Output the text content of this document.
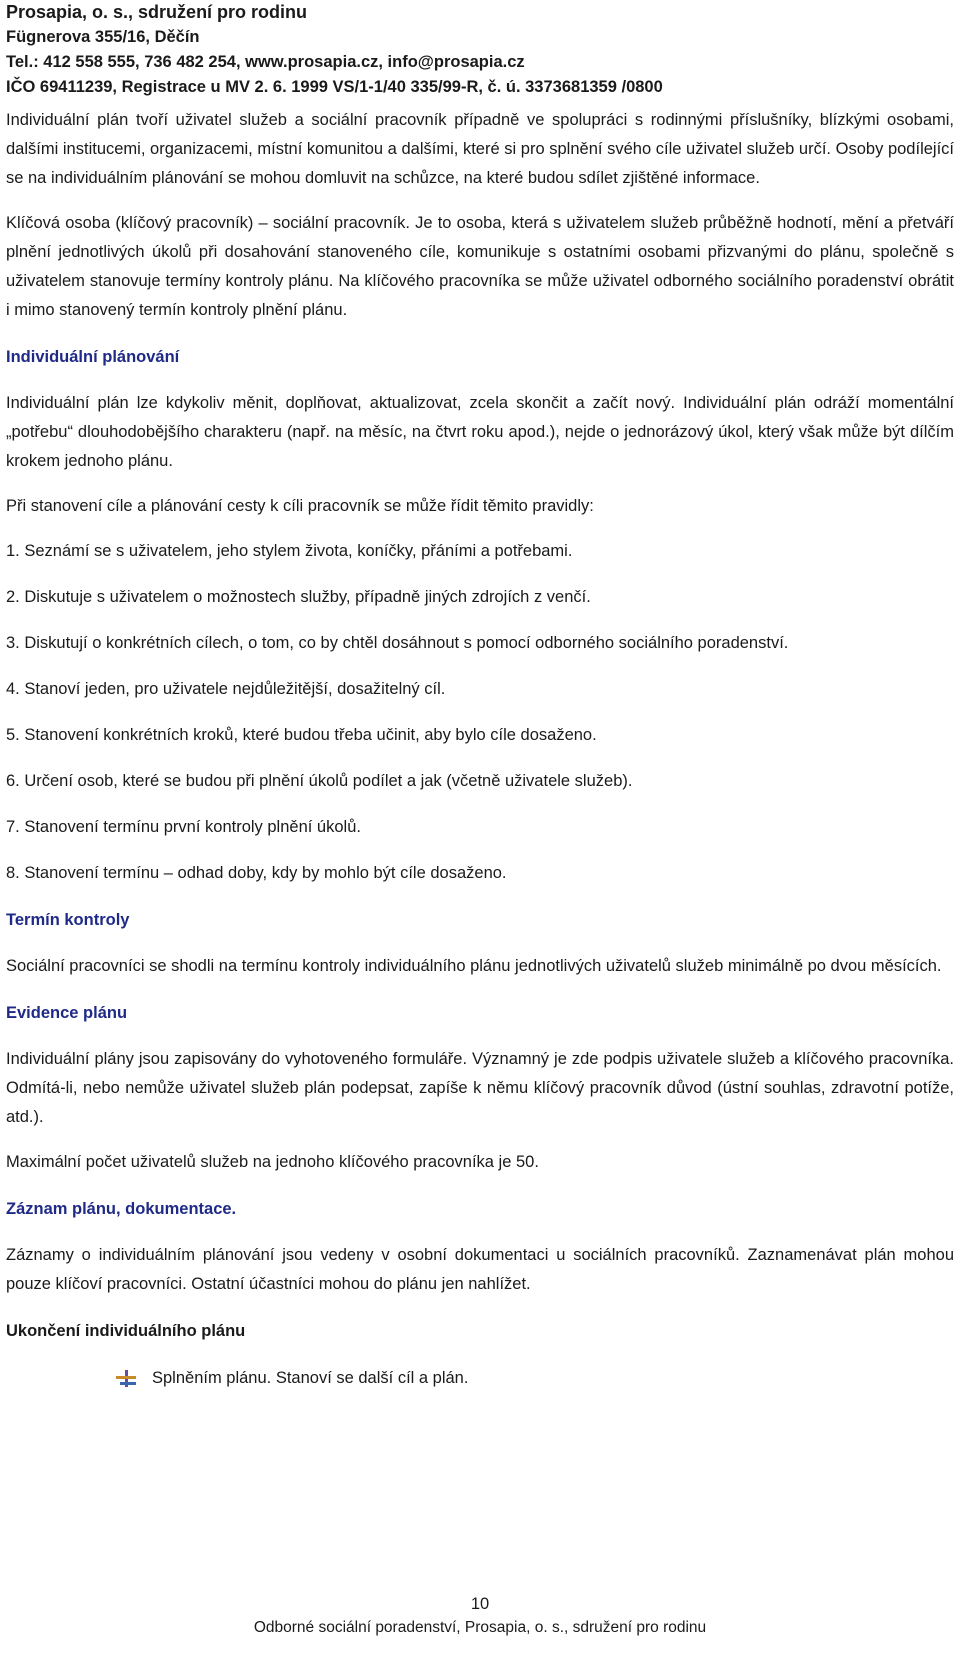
Prosapia, o. s., sdružení pro rodinu
Fügnerova 355/16, Děčín
Tel.: 412 558 555, 736 482 254, www.prosapia.cz, info@prosapia.cz
IČO 69411239, Registrace u MV 2. 6. 1999 VS/1-1/40 335/99-R, č. ú. 3373681359 /0800

Individuální plán tvoří uživatel služeb a sociální pracovník případně ve spolupráci s rodinnými příslušníky, blízkými osobami, dalšími institucemi, organizacemi, místní komunitou a dalšími, které si pro splnění svého cíle uživatel služeb určí. Osoby podílející se na individuálním plánování se mohou domluvit na schůzce, na které budou sdílet zjištěné informace.

Klíčová osoba (klíčový pracovník) – sociální pracovník. Je to osoba, která s uživatelem služeb průběžně hodnotí, mění a přetváří plnění jednotlivých úkolů při dosahování stanoveného cíle, komunikuje s ostatními osobami přizvanými do plánu, společně s uživatelem stanovuje termíny kontroly plánu. Na klíčového pracovníka se může uživatel odborného sociálního poradenství obrátit i mimo stanovený termín kontroly plnění plánu.

Individuální plánování

Individuální plán lze kdykoliv měnit, doplňovat, aktualizovat, zcela skončit a začít nový. Individuální plán odráží momentální „potřebu“ dlouhodobějšího charakteru (např. na měsíc, na čtvrt roku apod.), nejde o jednorázový úkol, který však může být dílčím krokem jednoho plánu.

Při stanovení cíle a plánování cesty k cíli pracovník se může řídit těmito pravidly:

1. Seznámí se s uživatelem, jeho stylem života, koníčky, přáními a potřebami.
2. Diskutuje s uživatelem o možnostech služby, případně jiných zdrojích z venčí.
3. Diskutují o konkrétních cílech, o tom, co by chtěl dosáhnout s pomocí odborného sociálního poradenství.
4. Stanoví jeden, pro uživatele nejdůležitější, dosažitelný cíl.
5. Stanovení konkrétních kroků, které budou třeba učinit, aby bylo cíle dosaženo.
6. Určení osob, které se budou při plnění úkolů podílet a jak (včetně uživatele služeb).
7. Stanovení termínu první kontroly plnění úkolů.
8. Stanovení termínu – odhad doby, kdy by mohlo být cíle dosaženo.
Termín kontroly

Sociální pracovníci se shodli na termínu kontroly individuálního plánu jednotlivých uživatelů služeb minimálně po dvou měsících.

Evidence plánu

Individuální plány jsou zapisovány do vyhotoveného formuláře. Významný je zde podpis uživatele služeb a klíčového pracovníka. Odmítá-li, nebo nemůže uživatel služeb plán podepsat, zapíše k němu klíčový pracovník důvod (ústní souhlas, zdravotní potíže, atd.).

Maximální počet uživatelů služeb na jednoho klíčového pracovníka je 50.

Záznam plánu, dokumentace.

Záznamy o individuálním plánování jsou vedeny v osobní dokumentaci u sociálních pracovníků. Zaznamenávat plán mohou pouze klíčoví pracovníci. Ostatní účastníci mohou do plánu jen nahlížet.

Ukončení individuálního plánu
Splněním plánu. Stanoví se další cíl a plán.
10
Odborné sociální poradenství, Prosapia, o. s., sdružení pro rodinu
